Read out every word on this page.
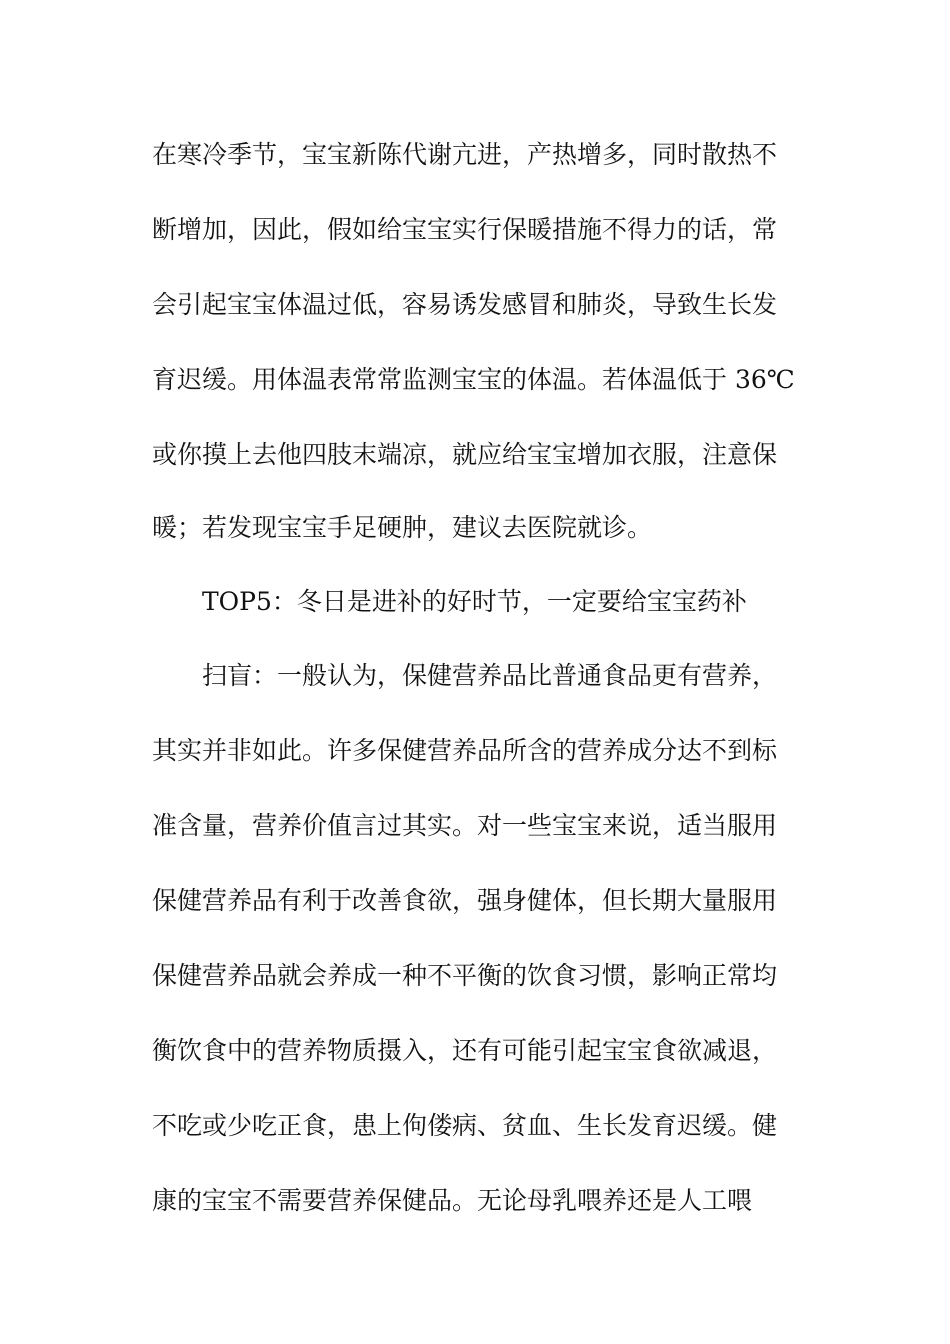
在寒冷季节，宝宝新陈代谢亢进，产热增多，同时散热不
断增加，因此，假如给宝宝实行保暖措施不得力的话，常
会引起宝宝体温过低，容易诱发感冒和肺炎，导致生长发
育迟缓。用体温表常常监测宝宝的体温。若体温低于 36℃
或你摸上去他四肢末端凉，就应给宝宝增加衣服，注意保
暖；若发现宝宝手足硬肿，建议去医院就诊。
TOP5：冬日是进补的好时节，一定要给宝宝药补
扫盲：一般认为，保健营养品比普通食品更有营养，
其实并非如此。许多保健营养品所含的营养成分达不到标
准含量，营养价值言过其实。对一些宝宝来说，适当服用
保健营养品有利于改善食欲，强身健体，但长期大量服用
保健营养品就会养成一种不平衡的饮食习惯，影响正常均
衡饮食中的营养物质摄入，还有可能引起宝宝食欲减退，
不吃或少吃正食，患上佝偻病、贫血、生长发育迟缓。健
康的宝宝不需要营养保健品。无论母乳喂养还是人工喂
